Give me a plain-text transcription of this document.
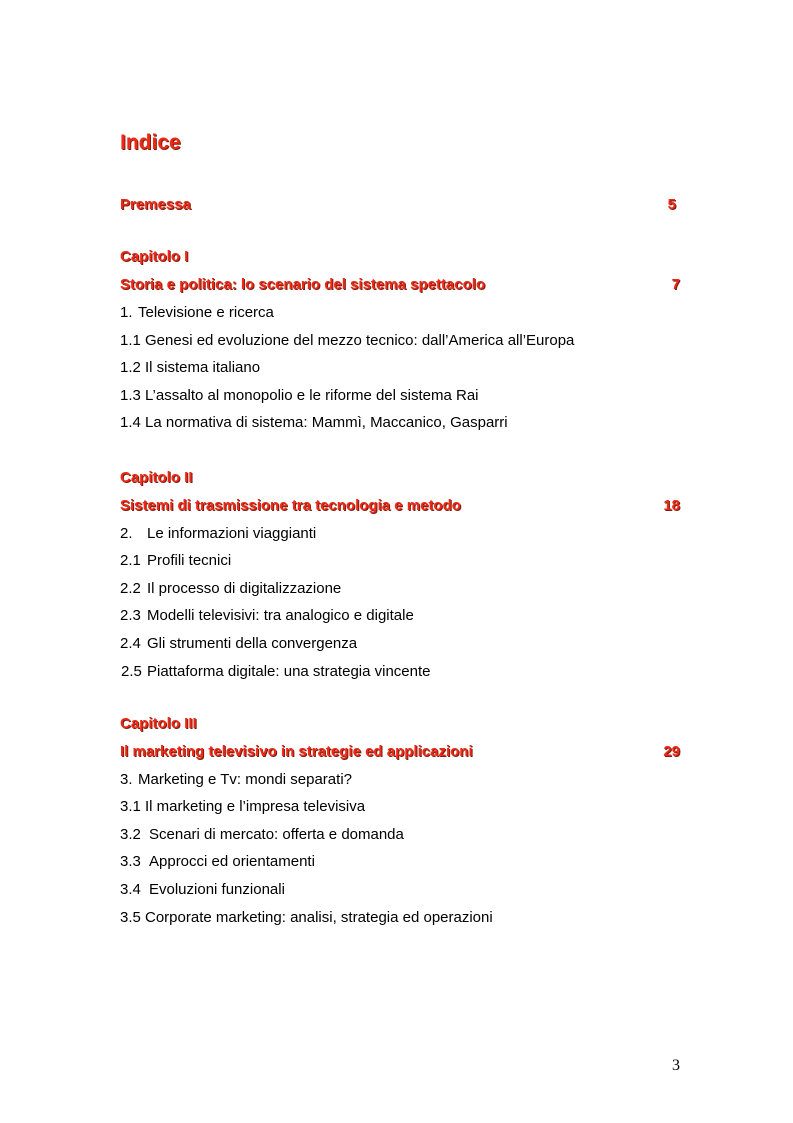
Indice
Premessa	5
Capitolo I
Storia e politica: lo scenario del sistema spettacolo	7
1. Televisione e ricerca
1.1 Genesi ed evoluzione del mezzo tecnico: dall’America all’Europa
1.2 Il sistema italiano
1.3 L’assalto al monopolio e le riforme del sistema Rai
1.4 La normativa di sistema: Mammì, Maccanico, Gasparri
Capitolo II
Sistemi di trasmissione tra tecnologia e metodo	18
2. Le informazioni viaggianti
2.1 Profili tecnici
2.2 Il processo di digitalizzazione
2.3 Modelli televisivi: tra analogico e digitale
2.4 Gli strumenti della convergenza
2.5 Piattaforma digitale: una strategia vincente
Capitolo III
Il marketing televisivo in strategie ed applicazioni	29
3. Marketing e Tv: mondi separati?
3.1 Il marketing e l’impresa televisiva
3.2 Scenari di mercato: offerta e domanda
3.3 Approcci ed orientamenti
3.4 Evoluzioni funzionali
3.5 Corporate marketing: analisi, strategia ed operazioni
3
